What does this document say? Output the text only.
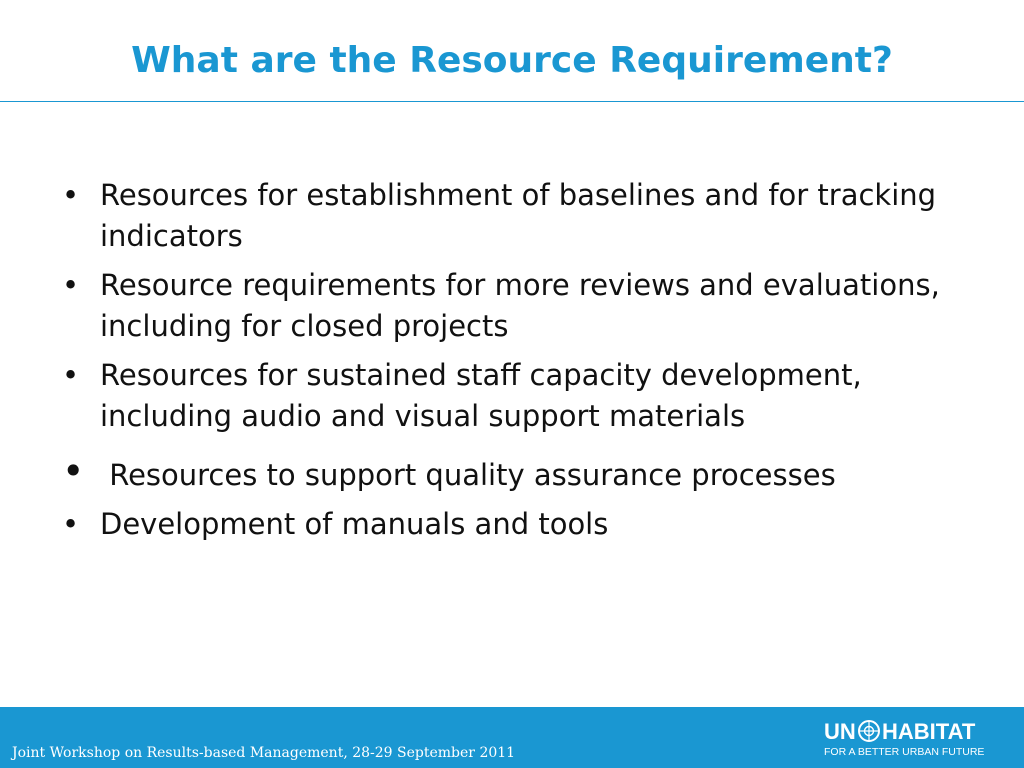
What are the Resource Requirement?
• Resources for establishment of baselines and for tracking indicators
• Resource requirements for more reviews and evaluations, including for closed projects
• Resources for sustained staff capacity development, including audio and visual support materials
• Resources to support quality assurance processes
• Development of manuals and tools
Joint Workshop on Results-based Management, 28-29 September 2011
UN HABITAT
FOR A BETTER URBAN FUTURE
